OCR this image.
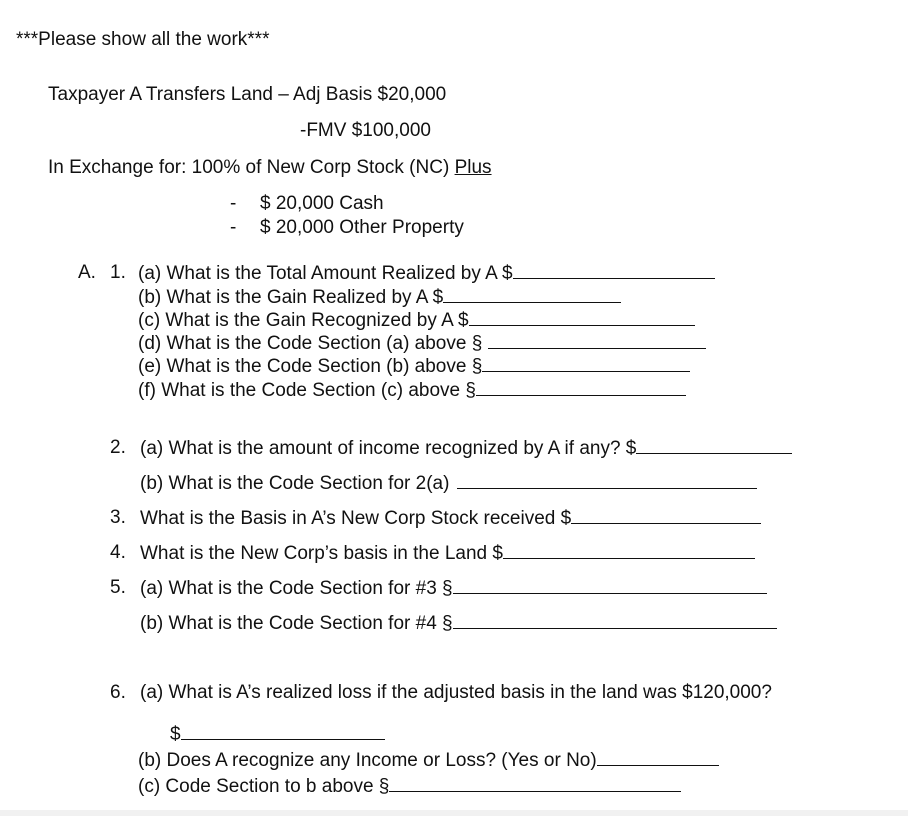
***Please show all the work***
Taxpayer A Transfers Land – Adj Basis $20,000
-FMV $100,000
In Exchange for: 100% of New Corp Stock (NC) Plus
- $ 20,000 Cash
- $ 20,000 Other Property
A. 1. (a) What is the Total Amount Realized by A $
(b) What is the Gain Realized by A $
(c) What is the Gain Recognized by A $
(d) What is the Code Section (a) above §
(e) What is the Code Section (b) above §
(f) What is the Code Section (c) above §
2. (a) What is the amount of income recognized by A if any? $
(b) What is the Code Section for 2(a)
3. What is the Basis in A’s New Corp Stock received $
4. What is the New Corp’s basis in the Land $
5. (a) What is the Code Section for #3 §
(b) What is the Code Section for #4 §
6. (a) What is A’s realized loss if the adjusted basis in the land was $120,000?
$
(b) Does A recognize any Income or Loss? (Yes or No)
(c) Code Section to b above §
